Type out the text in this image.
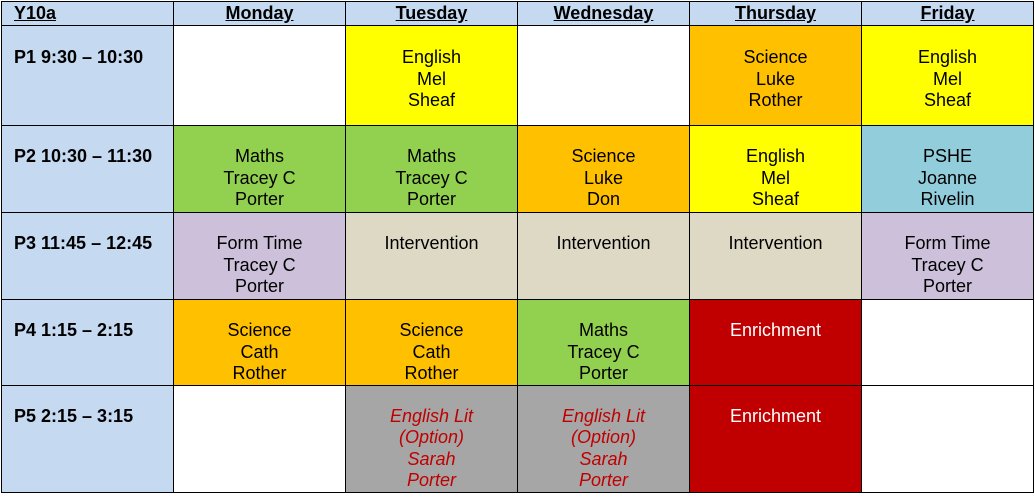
Y10a	Monday	Tuesday	Wednesday	Thursday	Friday
P1 9:30 – 10:30		English
Mel
Sheaf		Science
Luke
Rother	English
Mel
Sheaf

P2 10:30 – 11:30	Maths
Tracey C
Porter	Maths
Tracey C
Porter	Science
Luke
Don	English
Mel
Sheaf	PSHE
Joanne
Rivelin

P3 11:45 – 12:45	Form Time
Tracey C
Porter	Intervention	Intervention	Intervention	Form Time
Tracey C
Porter

P4 1:15 – 2:15	Science
Cath
Rother	Science
Cath
Rother	Maths
Tracey C
Porter	Enrichment	

P5 2:15 – 3:15		English Lit
(Option)
Sarah
Porter	English Lit
(Option)
Sarah
Porter	Enrichment	
